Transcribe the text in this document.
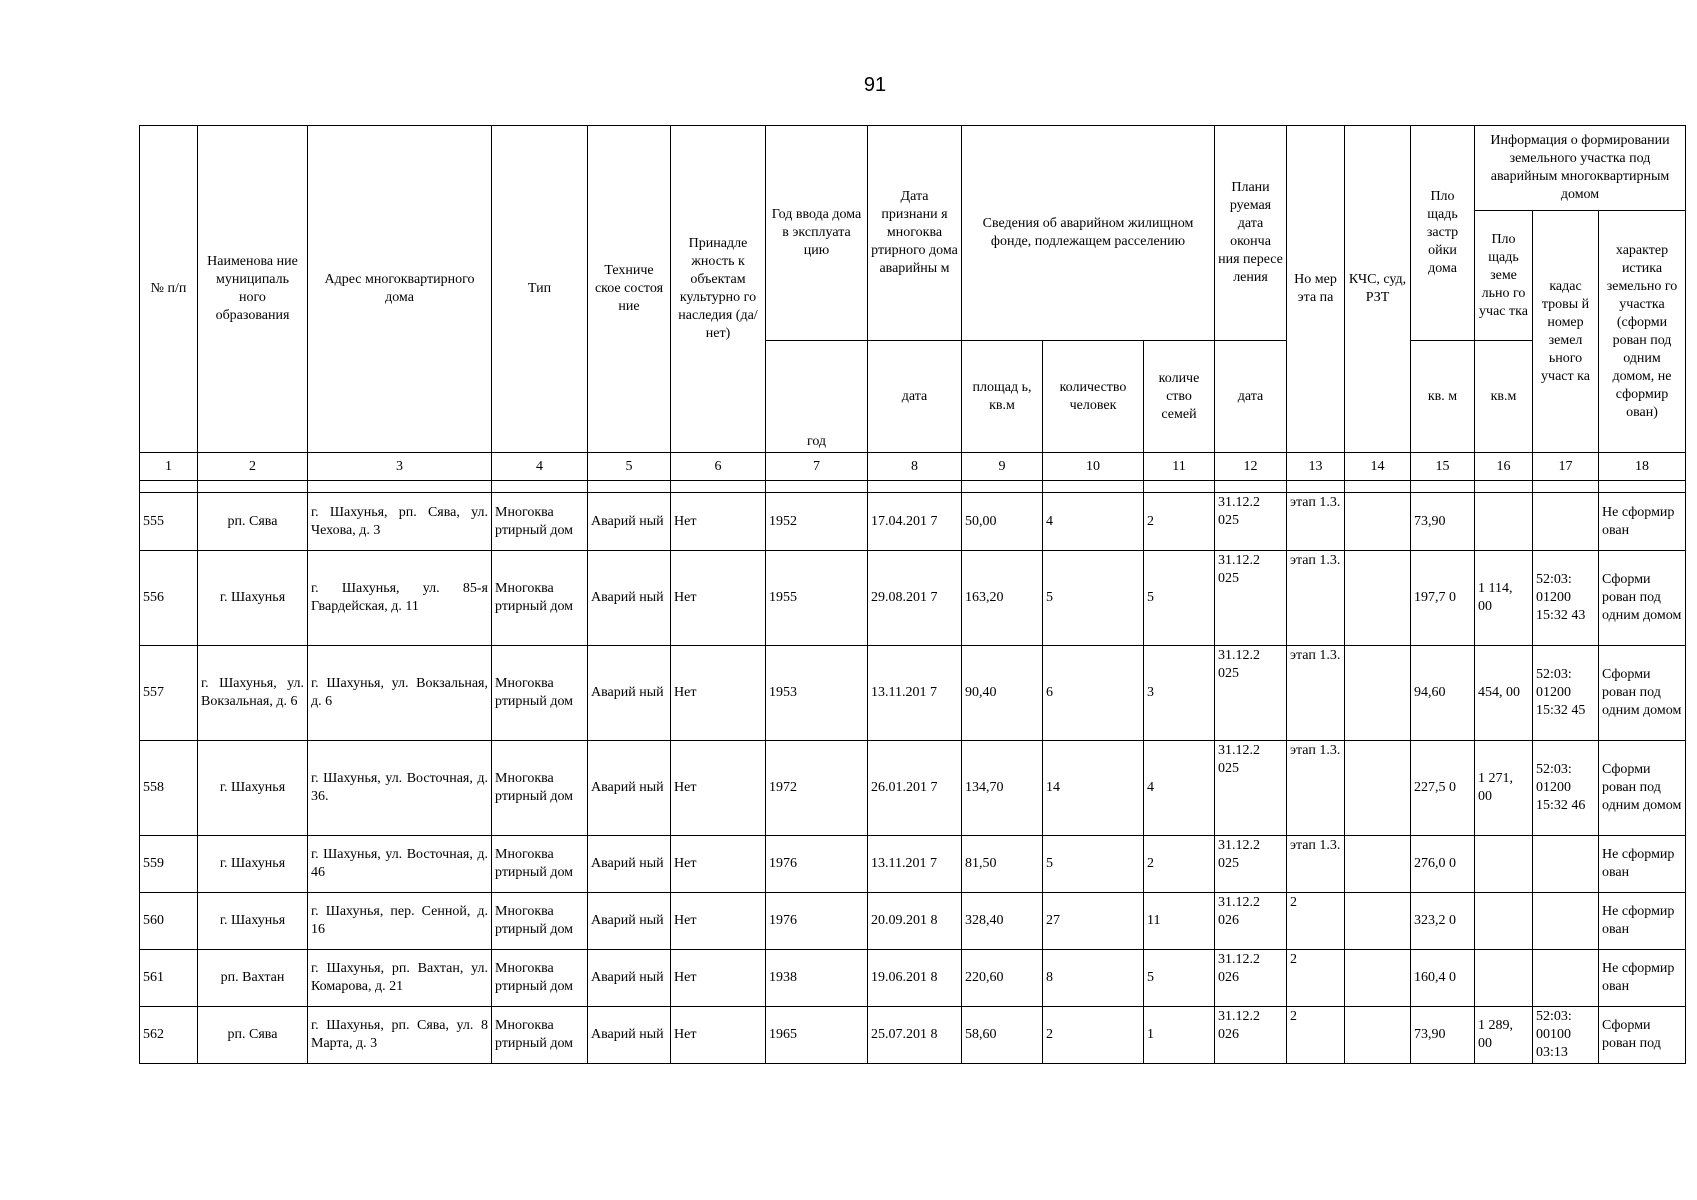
91
№ п/п	Наименова ние муниципаль ного образования	Адрес многоквартирного дома	Тип	Техниче ское состоя ние	Принадле жность к объектам культурно го наследия (да/нет)	Год ввода дома в эксплуата цию	Дата признани я многоква ртирного дома аварийны м	Сведения об аварийном жилищном фонде, подлежащем расселению			Плани руемая дата оконча ния пересе ления	Но мер эта па	КЧС, суд, РЗТ	Пло щадь застр ойки дома	Информация о формировании земельного участка под аварийным многоквартирным домом		
															Пло щадь земе льно го учас тка	кадас тровы й номер земел ьного участ ка	характер истика земельно го участка (сформи рован под одним домом, не сформир ован)
						год	дата	площад ь, кв.м	количество человек	количе ство семей	дата			кв. м	кв.м		
1	2	3	4	5	6	7	8	9	10	11	12	13	14	15	16	17	18

555	рп. Сява	г. Шахунья, рп. Сява, ул. Чехова, д. 3	Многоква ртирный дом	Аварий ный	Нет	1952	17.04.201 7	50,00	4	2	31.12.2 025	этап 1.3.		73,90			Не сформир ован
556	г. Шахунья	г. Шахунья, ул. 85-я Гвардейская, д. 11	Многоква ртирный дом	Аварий ный	Нет	1955	29.08.201 7	163,20	5	5	31.12.2 025	этап 1.3.		197,7 0	1 114, 00	52:03: 01200 15:32 43	Сформи рован под одним домом
557	г. Шахунья, ул. Вокзальная, д. 6	г. Шахунья, ул. Вокзальная, д. 6	Многоква ртирный дом	Аварий ный	Нет	1953	13.11.201 7	90,40	6	3	31.12.2 025	этап 1.3.		94,60	454, 00	52:03: 01200 15:32 45	Сформи рован под одним домом
558	г. Шахунья	г. Шахунья, ул. Восточная, д. 36.	Многоква ртирный дом	Аварий ный	Нет	1972	26.01.201 7	134,70	14	4	31.12.2 025	этап 1.3.		227,5 0	1 271, 00	52:03: 01200 15:32 46	Сформи рован под одним домом
559	г. Шахунья	г. Шахунья, ул. Восточная, д. 46	Многоква ртирный дом	Аварий ный	Нет	1976	13.11.201 7	81,50	5	2	31.12.2 025	этап 1.3.		276,0 0			Не сформир ован
560	г. Шахунья	г. Шахунья, пер. Сенной, д. 16	Многоква ртирный дом	Аварий ный	Нет	1976	20.09.201 8	328,40	27	11	31.12.2 026	2		323,2 0			Не сформир ован
561	рп. Вахтан	г. Шахунья, рп. Вахтан, ул. Комарова, д. 21	Многоква ртирный дом	Аварий ный	Нет	1938	19.06.201 8	220,60	8	5	31.12.2 026	2		160,4 0			Не сформир ован
562	рп. Сява	г. Шахунья, рп. Сява, ул. 8 Марта, д. 3	Многоква ртирный дом	Аварий ный	Нет	1965	25.07.201 8	58,60	2	1	31.12.2 026	2		73,90	1 289, 00	52:03: 00100 03:13	Сформи рован под
